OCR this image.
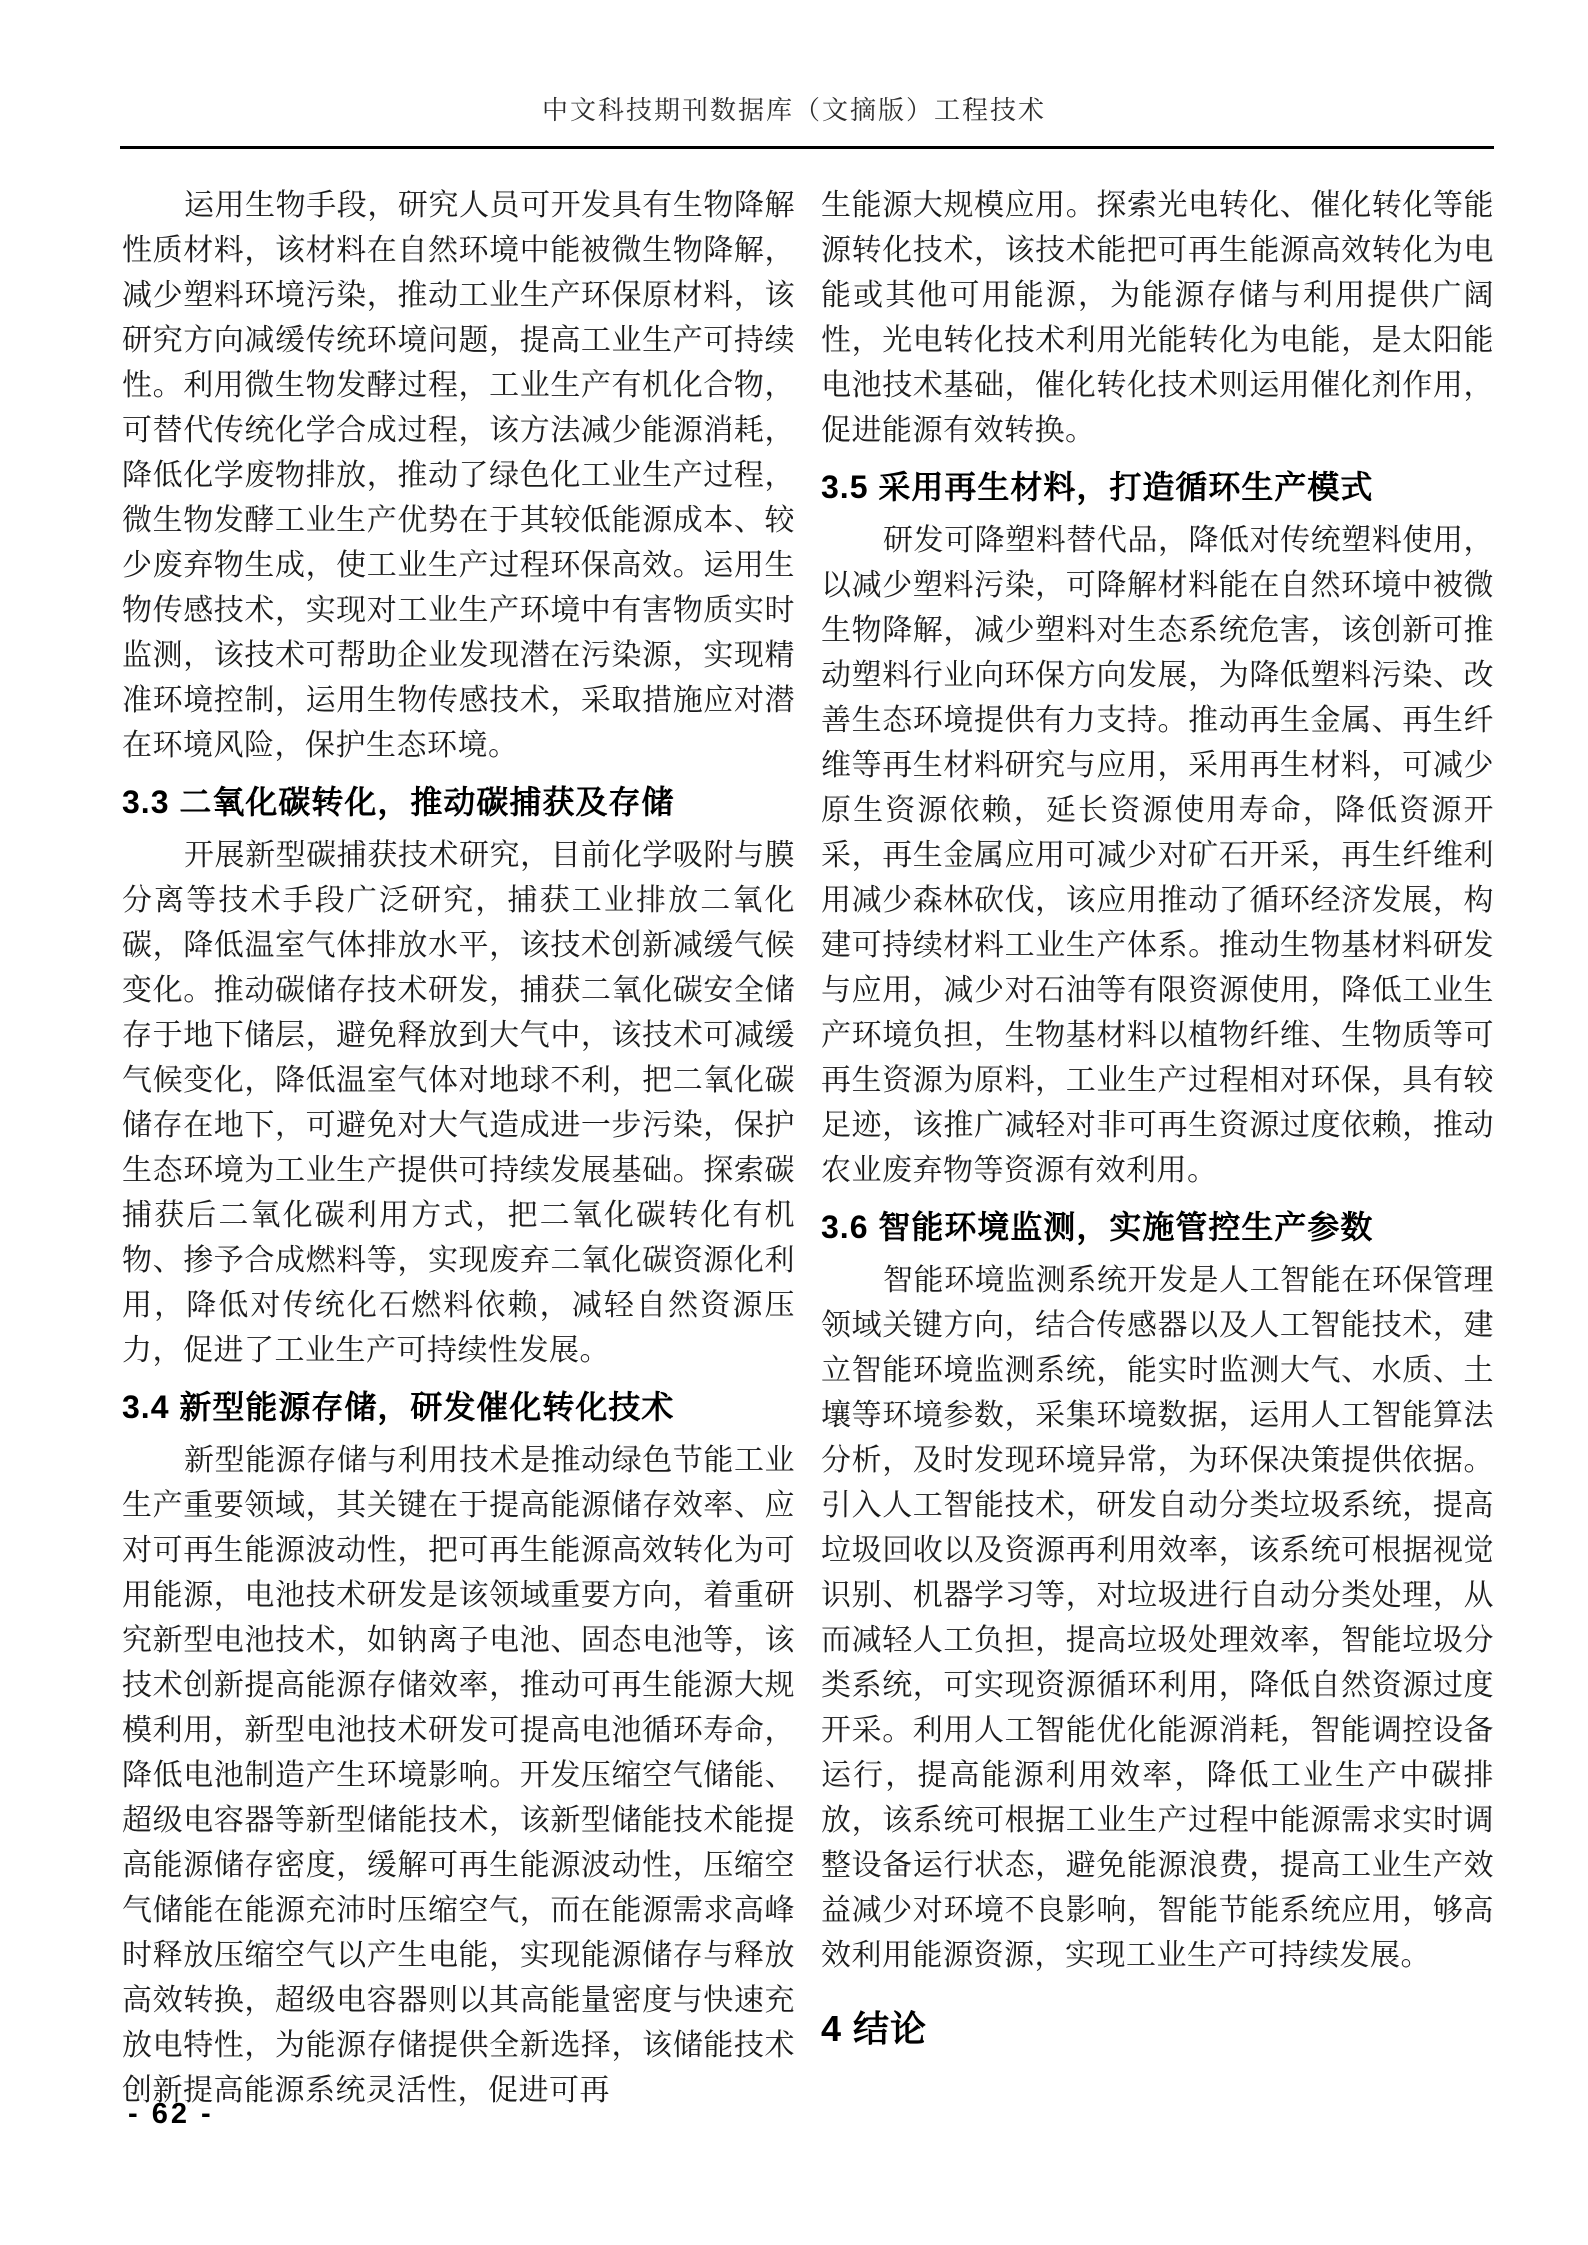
中文科技期刊数据库（文摘版）工程技术
运用生物手段，研究人员可开发具有生物降解性质材料，该材料在自然环境中能被微生物降解，减少塑料环境污染，推动工业生产环保原材料，该研究方向减缓传统环境问题，提高工业生产可持续性。利用微生物发酵过程，工业生产有机化合物，可替代传统化学合成过程，该方法减少能源消耗，降低化学废物排放，推动了绿色化工业生产过程，微生物发酵工业生产优势在于其较低能源成本、较少废弃物生成，使工业生产过程环保高效。运用生物传感技术，实现对工业生产环境中有害物质实时监测，该技术可帮助企业发现潜在污染源，实现精准环境控制，运用生物传感技术，采取措施应对潜在环境风险，保护生态环境。
3.3 二氧化碳转化，推动碳捕获及存储
开展新型碳捕获技术研究，目前化学吸附与膜分离等技术手段广泛研究，捕获工业排放二氧化碳，降低温室气体排放水平，该技术创新减缓气候变化。推动碳储存技术研发，捕获二氧化碳安全储存于地下储层，避免释放到大气中，该技术可减缓气候变化，降低温室气体对地球不利，把二氧化碳储存在地下，可避免对大气造成进一步污染，保护生态环境为工业生产提供可持续发展基础。探索碳捕获后二氧化碳利用方式，把二氧化碳转化有机物、掺予合成燃料等，实现废弃二氧化碳资源化利用，降低对传统化石燃料依赖，减轻自然资源压力，促进了工业生产可持续性发展。
3.4 新型能源存储，研发催化转化技术
新型能源存储与利用技术是推动绿色节能工业生产重要领域，其关键在于提高能源储存效率、应对可再生能源波动性，把可再生能源高效转化为可用能源，电池技术研发是该领域重要方向，着重研究新型电池技术，如钠离子电池、固态电池等，该技术创新提高能源存储效率，推动可再生能源大规模利用，新型电池技术研发可提高电池循环寿命，降低电池制造产生环境影响。开发压缩空气储能、超级电容器等新型储能技术，该新型储能技术能提高能源储存密度，缓解可再生能源波动性，压缩空气储能在能源充沛时压缩空气，而在能源需求高峰时释放压缩空气以产生电能，实现能源储存与释放高效转换，超级电容器则以其高能量密度与快速充放电特性，为能源存储提供全新选择，该储能技术创新提高能源系统灵活性，促进可再
生能源大规模应用。探索光电转化、催化转化等能源转化技术，该技术能把可再生能源高效转化为电能或其他可用能源，为能源存储与利用提供广阔性，光电转化技术利用光能转化为电能，是太阳能电池技术基础，催化转化技术则运用催化剂作用，促进能源有效转换。
3.5 采用再生材料，打造循环生产模式
研发可降塑料替代品，降低对传统塑料使用，以减少塑料污染，可降解材料能在自然环境中被微生物降解，减少塑料对生态系统危害，该创新可推动塑料行业向环保方向发展，为降低塑料污染、改善生态环境提供有力支持。推动再生金属、再生纤维等再生材料研究与应用，采用再生材料，可减少原生资源依赖，延长资源使用寿命，降低资源开采，再生金属应用可减少对矿石开采，再生纤维利用减少森林砍伐，该应用推动了循环经济发展，构建可持续材料工业生产体系。推动生物基材料研发与应用，减少对石油等有限资源使用，降低工业生产环境负担，生物基材料以植物纤维、生物质等可再生资源为原料，工业生产过程相对环保，具有较足迹，该推广减轻对非可再生资源过度依赖，推动农业废弃物等资源有效利用。
3.6 智能环境监测，实施管控生产参数
智能环境监测系统开发是人工智能在环保管理领域关键方向，结合传感器以及人工智能技术，建立智能环境监测系统，能实时监测大气、水质、土壤等环境参数，采集环境数据，运用人工智能算法分析，及时发现环境异常，为环保决策提供依据。引入人工智能技术，研发自动分类垃圾系统，提高垃圾回收以及资源再利用效率，该系统可根据视觉识别、机器学习等，对垃圾进行自动分类处理，从而减轻人工负担，提高垃圾处理效率，智能垃圾分类系统，可实现资源循环利用，降低自然资源过度开采。利用人工智能优化能源消耗，智能调控设备运行，提高能源利用效率，降低工业生产中碳排放，该系统可根据工业生产过程中能源需求实时调整设备运行状态，避免能源浪费，提高工业生产效益减少对环境不良影响，智能节能系统应用，够高效利用能源资源，实现工业生产可持续发展。
4 结论
- 62 -
